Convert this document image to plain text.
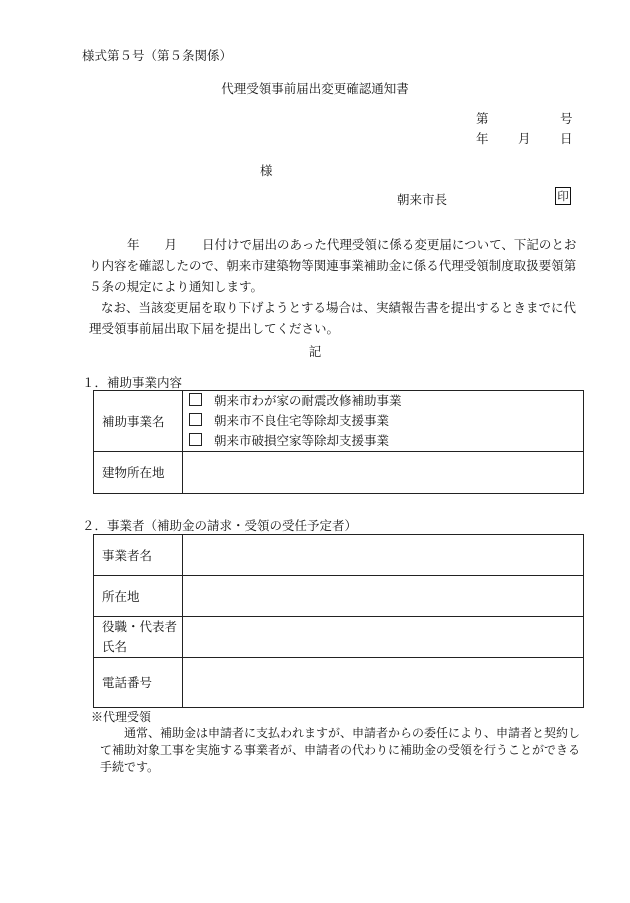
様式第５号（第５条関係）
代理受領事前届出変更確認通知書
第	号
年 月 日
様
朝来市長	印

年　　月　　日付けで届出のあった代理受領に係る変更届について、下記のとおり内容を確認したので、朝来市建築物等関連事業補助金に係る代理受領制度取扱要領第５条の規定により通知します。

なお、当該変更届を取り下げようとする場合は、実績報告書を提出するときまでに代理受領事前届出取下届を提出してください。

記
１．補助事業内容
補助事業名	朝来市わが家の耐震改修補助事業
朝来市不良住宅等除却支援事業
朝来市破損空家等除却支援事業

建物所在地	
２．事業者（補助金の請求・受領の受任予定者）
事業者名	
所在地	

役職・代表者
氏名	

電話番号	
※代理受領
通常、補助金は申請者に支払われますが、申請者からの委任により、申請者と契約して補助対象工事を実施する事業者が、申請者の代わりに補助金の受領を行うことができる手続です。
